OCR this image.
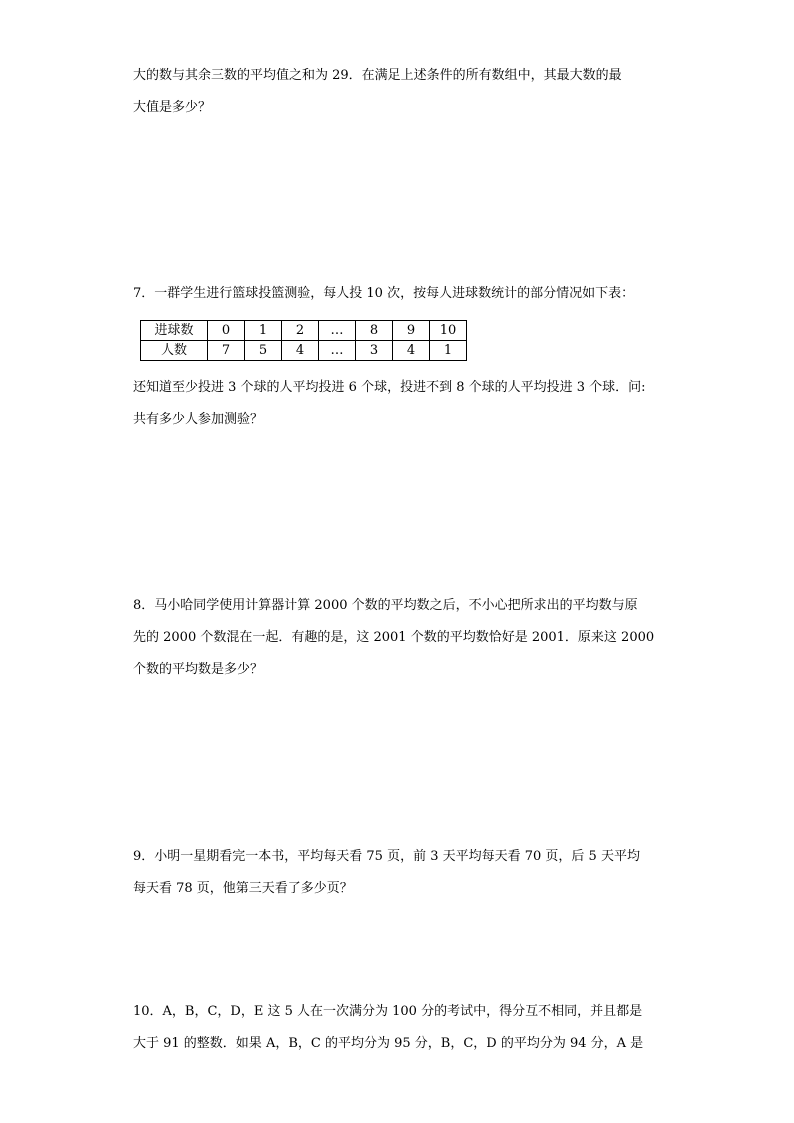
大的数与其余三数的平均值之和为 29．在满足上述条件的所有数组中，其最大数的最
大值是多少？
7．一群学生进行篮球投篮测验，每人投 10 次，按每人进球数统计的部分情况如下表：
进球数	0	1	2	…	8	9	10
人数	7	5	4	…	3	4	1
还知道至少投进 3 个球的人平均投进 6 个球，投进不到 8 个球的人平均投进 3 个球．问:
共有多少人参加测验？
8．马小哈同学使用计算器计算 2000 个数的平均数之后，不小心把所求出的平均数与原
先的 2000 个数混在一起．有趣的是，这 2001 个数的平均数恰好是 2001．原来这 2000
个数的平均数是多少？
9．小明一星期看完一本书，平均每天看 75 页，前 3 天平均每天看 70 页，后 5 天平均
每天看 78 页，他第三天看了多少页？
10．A，B，C，D，E 这 5 人在一次满分为 100 分的考试中，得分互不相同，并且都是
大于 91 的整数．如果 A，B，C 的平均分为 95 分，B，C，D 的平均分为 94 分，A 是
